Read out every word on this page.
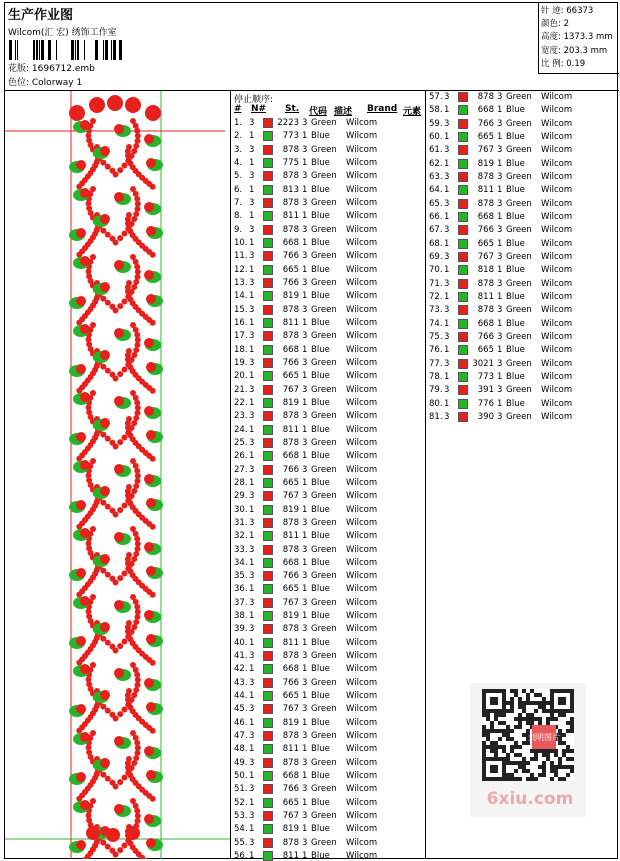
生产作业图
Wilcom(汇 宏) 绣饰工作室
花版: 1696712.emb
色位: Colorway 1
针 迹: 66373
颜色: 2
高度: 1373.3 mm
宽度: 203.3 mm
比 例: 0.19
停止顺序:
# N# St. 代码 描述 Brand 元素
1. 3	2223 3 Green Wilcom
2. 1	773 1 Blue Wilcom
3. 3	878 3 Green Wilcom
4. 1	775 1 Blue Wilcom
5. 3	878 3 Green Wilcom
6. 1	813 1 Blue Wilcom
7. 3	878 3 Green Wilcom
8. 1	811 1 Blue Wilcom
9. 3	878 3 Green Wilcom
10. 1	668 1 Blue Wilcom
11. 3	766 3 Green Wilcom
12. 1	665 1 Blue Wilcom
13. 3	766 3 Green Wilcom
14. 1	819 1 Blue Wilcom
15. 3	878 3 Green Wilcom
16. 1	811 1 Blue Wilcom
17. 3	878 3 Green Wilcom
18. 1	668 1 Blue Wilcom
19. 3	766 3 Green Wilcom
20. 1	665 1 Blue Wilcom
21. 3	767 3 Green Wilcom
22. 1	819 1 Blue Wilcom
23. 3	878 3 Green Wilcom
24. 1	811 1 Blue Wilcom
25. 3	878 3 Green Wilcom
26. 1	668 1 Blue Wilcom
27. 3	766 3 Green Wilcom
28. 1	665 1 Blue Wilcom
29. 3	767 3 Green Wilcom
30. 1	819 1 Blue Wilcom
31. 3	878 3 Green Wilcom
32. 1	811 1 Blue Wilcom
33. 3	878 3 Green Wilcom
34. 1	668 1 Blue Wilcom
35. 3	766 3 Green Wilcom
36. 1	665 1 Blue Wilcom
37. 3	767 3 Green Wilcom
38. 1	819 1 Blue Wilcom
39. 3	878 3 Green Wilcom
40. 1	811 1 Blue Wilcom
41. 3	878 3 Green Wilcom
42. 1	668 1 Blue Wilcom
43. 3	766 3 Green Wilcom
44. 1	665 1 Blue Wilcom
45. 3	767 3 Green Wilcom
46. 1	819 1 Blue Wilcom
47. 3	878 3 Green Wilcom
48. 1	811 1 Blue Wilcom
49. 3	878 3 Green Wilcom
50. 1	668 1 Blue Wilcom
51. 3	766 3 Green Wilcom
52. 1	665 1 Blue Wilcom
53. 3	767 3 Green Wilcom
54. 1	819 1 Blue Wilcom
55. 3	878 3 Green Wilcom
56. 1	811 1 Blue Wilcom
57. 3	878 3 Green Wilcom
58. 1	668 1 Blue Wilcom
59. 3	766 3 Green Wilcom
60. 1	665 1 Blue Wilcom
61. 3	767 3 Green Wilcom
62. 1	819 1 Blue Wilcom
63. 3	878 3 Green Wilcom
64. 1	811 1 Blue Wilcom
65. 3	878 3 Green Wilcom
66. 1	668 1 Blue Wilcom
67. 3	766 3 Green Wilcom
68. 1	665 1 Blue Wilcom
69. 3	767 3 Green Wilcom
70. 1	818 1 Blue Wilcom
71. 3	878 3 Green Wilcom
72. 1	811 1 Blue Wilcom
73. 3	878 3 Green Wilcom
74. 1	668 1 Blue Wilcom
75. 3	766 3 Green Wilcom
76. 1	665 1 Blue Wilcom
77. 3	3021 3 Green Wilcom
78. 1	773 1 Blue Wilcom
79. 3	391 3 Green Wilcom
80. 1	776 1 Blue Wilcom
81. 3	390 3 Green Wilcom
刘明图片
6xiu.com
